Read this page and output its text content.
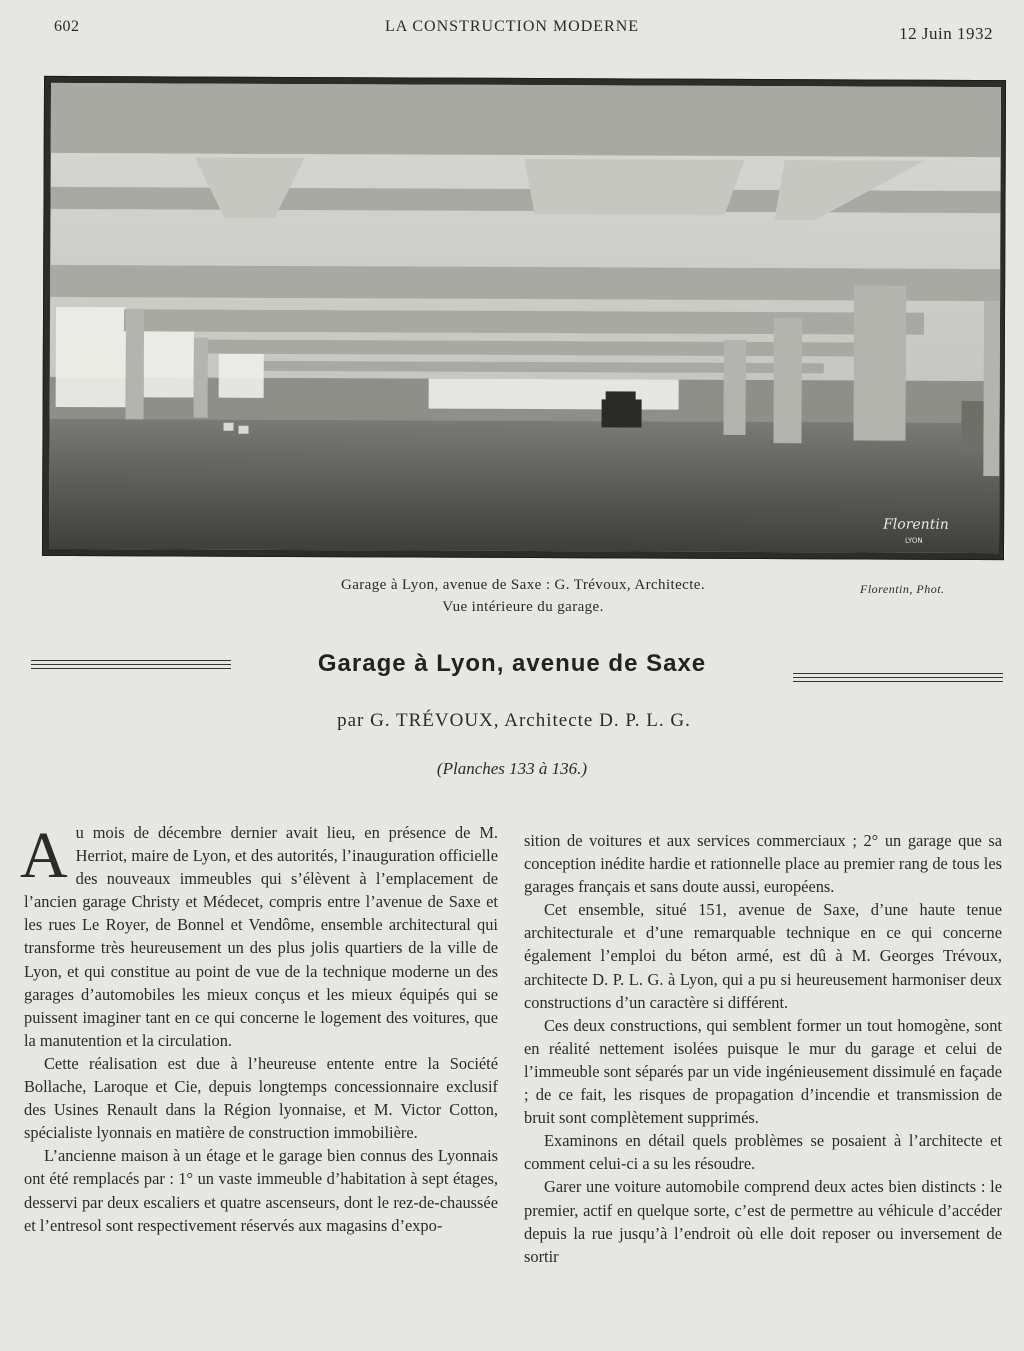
602	LA CONSTRUCTION MODERNE	12 Juin 1932
Florentin
LYON
Garage à Lyon, avenue de Saxe : G. Trévoux, Architecte.
Vue intérieure du garage.
Florentin, Phot.
Garage à Lyon, avenue de Saxe
par G. TRÉVOUX, Architecte D. P. L. G.
(Planches 133 à 136.)

Au mois de décembre dernier avait lieu, en présence de M. Herriot, maire de Lyon, et des autorités, l’inauguration officielle des nouveaux immeubles qui s’élèvent à l’emplacement de l’ancien garage Christy et Médecet, compris entre l’avenue de Saxe et les rues Le Royer, de Bonnel et Vendôme, ensemble architectural qui transforme très heureusement un des plus jolis quartiers de la ville de Lyon, et qui constitue au point de vue de la technique moderne un des garages d’automobiles les mieux conçus et les mieux équipés qui se puissent imaginer tant en ce qui concerne le logement des voitures, que la manutention et la circulation.

Cette réalisation est due à l’heureuse entente entre la Société Bollache, Laroque et Cie, depuis longtemps concessionnaire exclusif des Usines Renault dans la Région lyonnaise, et M. Victor Cotton, spécialiste lyonnais en matière de construction immobilière.

L’ancienne maison à un étage et le garage bien connus des Lyonnais ont été remplacés par : 1° un vaste immeuble d’habitation à sept étages, desservi par deux escaliers et quatre ascenseurs, dont le rez-de-chaussée et l’entresol sont respectivement réservés aux magasins d’expo-

sition de voitures et aux services commerciaux ; 2° un garage que sa conception inédite hardie et rationnelle place au premier rang de tous les garages français et sans doute aussi, européens.

Cet ensemble, situé 151, avenue de Saxe, d’une haute tenue architecturale et d’une remarquable technique en ce qui concerne également l’emploi du béton armé, est dû à M. Georges Trévoux, architecte D. P. L. G. à Lyon, qui a pu si heureusement harmoniser deux constructions d’un caractère si différent.

Ces deux constructions, qui semblent former un tout homogène, sont en réalité nettement isolées puisque le mur du garage et celui de l’immeuble sont séparés par un vide ingénieusement dissimulé en façade ; de ce fait, les risques de propagation d’incendie et transmission de bruit sont complètement supprimés.

Examinons en détail quels problèmes se posaient à l’architecte et comment celui-ci a su les résoudre.

Garer une voiture automobile comprend deux actes bien distincts : le premier, actif en quelque sorte, c’est de permettre au véhicule d’accéder depuis la rue jusqu’à l’endroit où elle doit reposer ou inversement de sortir
